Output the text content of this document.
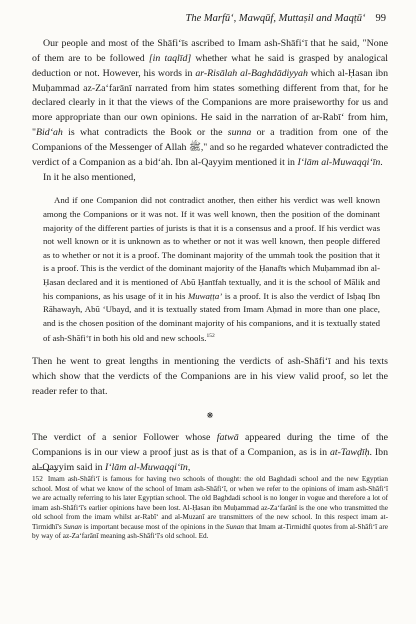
The Marfū‘, Mawqūf, Muttaṣil and Maqṭū‘ 99

Our people and most of the Shāfi‘īs ascribed to Imam ash-Shāfi‘ī that he said, "None of them are to be followed [in taqlīd] whether what he said is grasped by analogical deduction or not. However, his words in ar-Risālah al-Baghdādiyyah which al-Ḥasan ibn Muḥammad az-Za‘farānī narrated from him states something different from that, for he declared clearly in it that the views of the Companions are more praiseworthy for us and more appropriate than our own opinions. He said in the narration of ar-Rabī‘ from him, "Bid‘ah is what contradicts the Book or the sunna or a tradition from one of the Companions of the Messenger of Allah ﷺ," and so he regarded whatever contradicted the verdict of a Companion as a bid‘ah. Ibn al-Qayyim mentioned it in I‘lām al-Muwaqqi‘īn.

In it he also mentioned,

And if one Companion did not contradict another, then either his verdict was well known among the Companions or it was not. If it was well known, then the position of the dominant majority of the different parties of jurists is that it is a consensus and a proof. If his verdict was not well known or it is unknown as to whether or not it was well known, then people differed as to whether or not it is a proof. The dominant majority of the ummah took the position that it is a proof. This is the verdict of the dominant majority of the Ḥanafīs which Muḥammad ibn al-Ḥasan declared and it is mentioned of Abū Ḥanīfah textually, and it is the school of Mālik and his companions, as his usage of it in his Muwaṭṭa’ is a proof. It is also the verdict of Isḥaq Ibn Rāhawayh, Abū ‘Ubayd, and it is textually stated from Imam Aḥmad in more than one place, and is the chosen position of the dominant majority of his companions, and it is textually stated of ash-Shāfi‘ī in both his old and new schools.$^{152}$

Then he went to great lengths in mentioning the verdicts of ash-Shāfi‘ī and his texts which show that the verdicts of the Companions are in his view valid proof, so let the reader refer to that.

❋

The verdict of a senior Follower whose fatwā appeared during the time of the Companions is in our view a proof just as is that of a Companion, as is in at-Tawḍīḥ. Ibn al-Qayyim said in I‘lām al-Muwaqqi‘īn,

152 Imam ash-Shāfi‘ī is famous for having two schools of thought: the old Baghdadi school and the new Egyptian school. Most of what we know of the school of Imam ash-Shāfi‘ī, or when we refer to the opinions of imam ash-Shāfi‘ī we are actually referring to his later Egyptian school. The old Baghdadi school is no longer in vogue and therefore a lot of imam ash-Shāfi‘ī's earlier opinions have been lost. Al-Ḥasan ibn Muḥammad az-Za‘farānī is the one who transmitted the old school from the imam whilst ar-Rabī‘ and al-Muzanī are transmitters of the new school. In this respect imam at-Tirmidhī's Sunan is important because most of the opinions in the Sunan that Imam at-Tirmidhī quotes from al-Shāfi‘ī are by way of az-Za‘farānī meaning ash-Shāfi‘ī's old school. Ed.
